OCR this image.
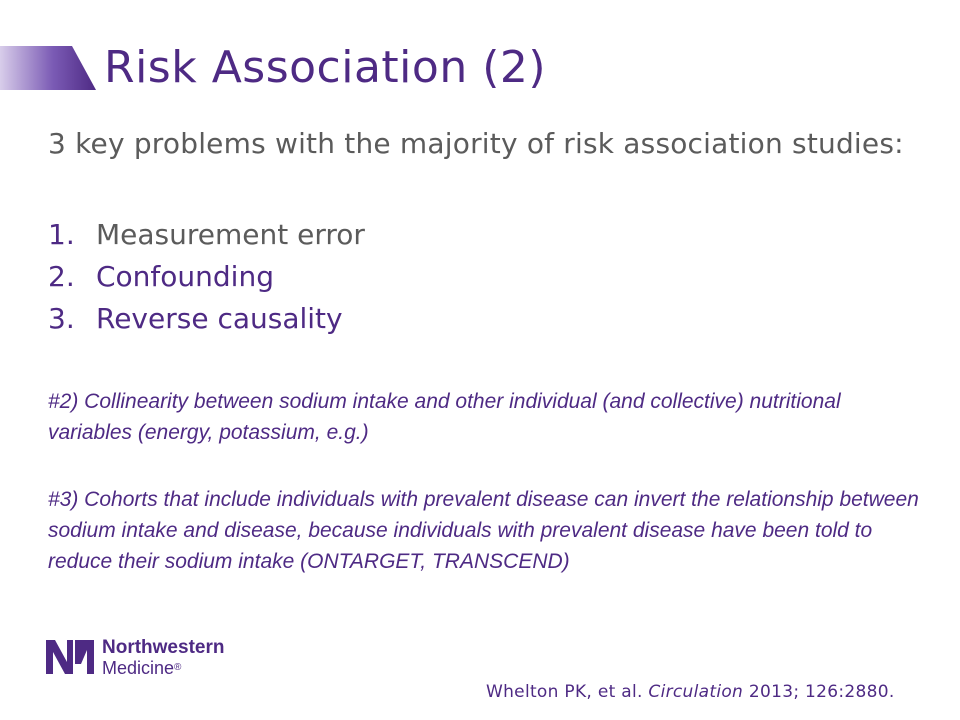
Risk Association (2)
3 key problems with the majority of risk association studies:
1. Measurement error
2. Confounding
3. Reverse causality
#2) Collinearity between sodium intake and other individual (and collective) nutritional variables (energy, potassium, e.g.)
#3) Cohorts that include individuals with prevalent disease can invert the relationship between sodium intake and disease, because individuals with prevalent disease have been told to reduce their sodium intake (ONTARGET, TRANSCEND)
Northwestern
Medicine®
Whelton PK, et al. Circulation 2013; 126:2880.
